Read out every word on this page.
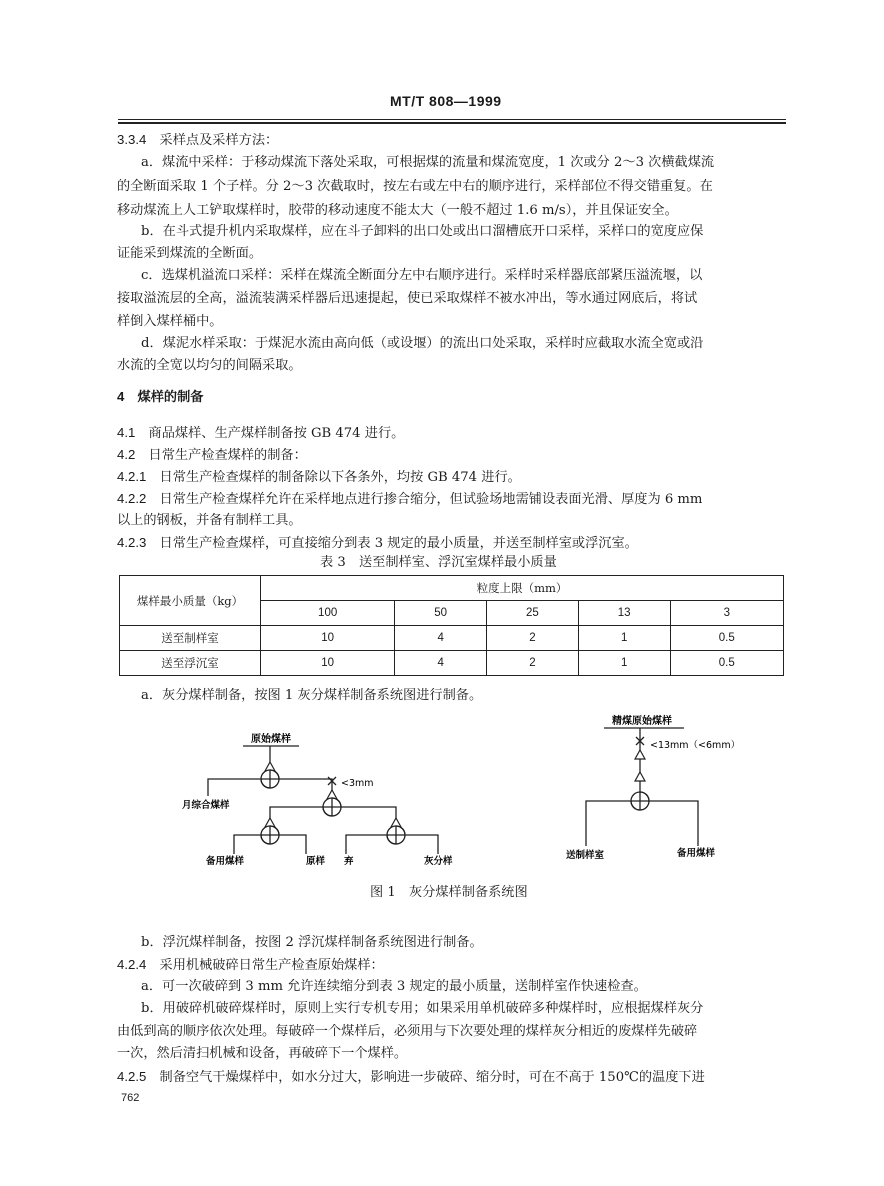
MT/T 808—1999
3.3.4　 采样点及采样方法：
a．煤流中采样：于移动煤流下落处采取，可根据煤的流量和煤流宽度，1 次或分 2～3 次横截煤流
的全断面采取 1 个子样。分 2～3 次截取时，按左右或左中右的顺序进行，采样部位不得交错重复。在
移动煤流上人工铲取煤样时，胶带的移动速度不能太大（一般不超过 1.6 m/s），并且保证安全。
b．在斗式提升机内采取煤样，应在斗子卸料的出口处或出口溜槽底开口采样，采样口的宽度应保
证能采到煤流的全断面。
c．选煤机溢流口采样：采样在煤流全断面分左中右顺序进行。采样时采样器底部紧压溢流堰，以
接取溢流层的全高，溢流装满采样器后迅速提起，使已采取煤样不被水冲出，等水通过网底后，将试
样倒入煤样桶中。
d．煤泥水样采取：于煤泥水流由高向低（或设堰）的流出口处采取，采样时应截取水流全宽或沿
水流的全宽以均匀的间隔采取。
4　 煤样的制备
4.1　 商品煤样、生产煤样制备按 GB 474 进行。
4.2　 日常生产检查煤样的制备：
4.2.1　 日常生产检查煤样的制备除以下各条外，均按 GB 474 进行。
4.2.2　 日常生产检查煤样允许在采样地点进行掺合缩分，但试验场地需铺设表面光滑、厚度为 6 mm
以上的钢板，并备有制样工具。
4.2.3　 日常生产检查煤样，可直接缩分到表 3 规定的最小质量，并送至制样室或浮沉室。
表 3　送至制样室、浮沉室煤样最小质量
煤样最小质量（kg）	粒度上限（mm）				
	100	50	25	13	3
送至制样室	10	4	2	1	0.5
送至浮沉室	10	4	2	1	0.5
a．灰分煤样制备，按图 1 灰分煤样制备系统图进行制备。
原始煤样
月综合煤样
<3mm
备用煤样	原样 弃	灰分样
精煤原始煤样
<13mm（<6mm）
送制样室	备用煤样
图 1　灰分煤样制备系统图
b．浮沉煤样制备，按图 2 浮沉煤样制备系统图进行制备。
4.2.4　 采用机械破碎日常生产检查原始煤样：
a．可一次破碎到 3 mm 允许连续缩分到表 3 规定的最小质量，送制样室作快速检查。
b．用破碎机破碎煤样时，原则上实行专机专用；如果采用单机破碎多种煤样时，应根据煤样灰分
由低到高的顺序依次处理。每破碎一个煤样后，必须用与下次要处理的煤样灰分相近的废煤样先破碎
一次，然后清扫机械和设备，再破碎下一个煤样。
4.2.5　 制备空气干燥煤样中，如水分过大，影响进一步破碎、缩分时，可在不高于 150℃的温度下进
762
